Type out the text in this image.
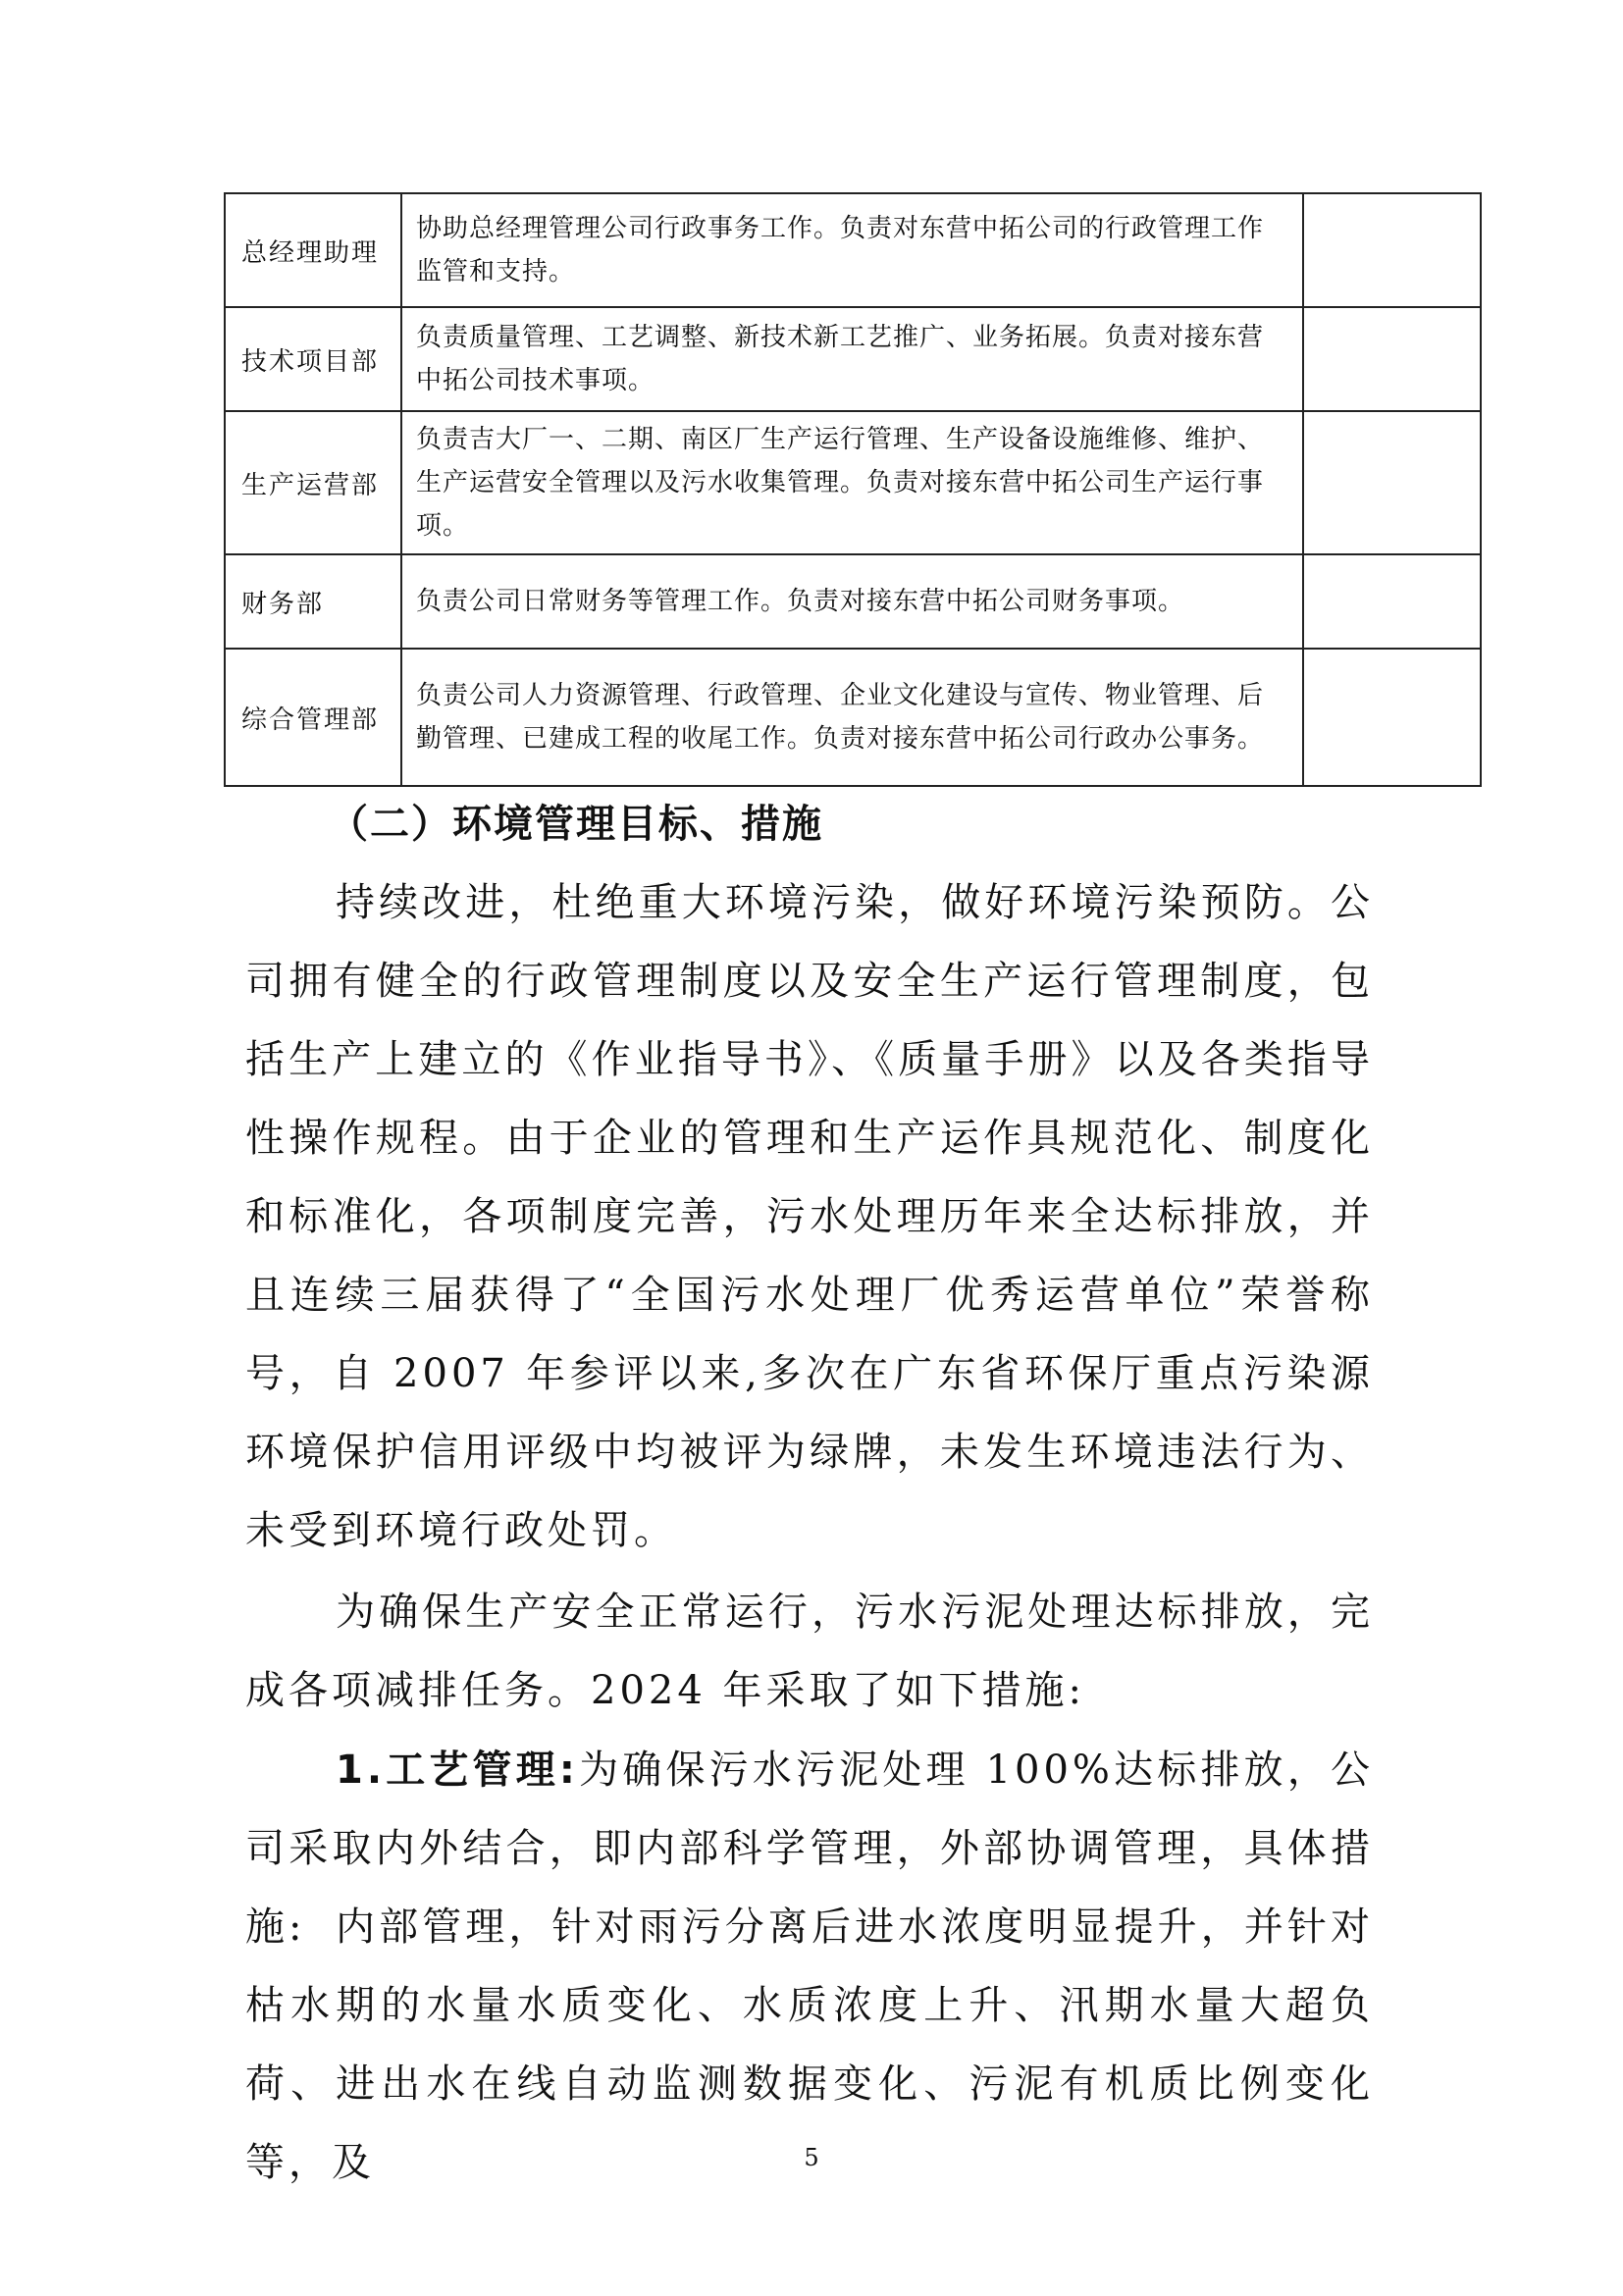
总经理助理	协助总经理管理公司行政事务工作。负责对东营中拓公司的行政管理工作监管和支持。	
技术项目部	负责质量管理、工艺调整、新技术新工艺推广、业务拓展。负责对接东营中拓公司技术事项。	
生产运营部	负责吉大厂一、二期、南区厂生产运行管理、生产设备设施维修、维护、生产运营安全管理以及污水收集管理。负责对接东营中拓公司生产运行事项。	
财务部	负责公司日常财务等管理工作。负责对接东营中拓公司财务事项。	
综合管理部	负责公司人力资源管理、行政管理、企业文化建设与宣传、物业管理、后勤管理、已建成工程的收尾工作。负责对接东营中拓公司行政办公事务。	
（二）环境管理目标、措施

持续改进，杜绝重大环境污染，做好环境污染预防。公司拥有健全的行政管理制度以及安全生产运行管理制度，包括生产上建立的《作业指导书》、《质量手册》以及各类指导性操作规程。由于企业的管理和生产运作具规范化、制度化和标准化，各项制度完善，污水处理历年来全达标排放，并且连续三届获得了“全国污水处理厂优秀运营单位”荣誉称号，自 2007 年参评以来,多次在广东省环保厅重点污染源环境保护信用评级中均被评为绿牌，未发生环境违法行为、未受到环境行政处罚。

为确保生产安全正常运行，污水污泥处理达标排放，完成各项减排任务。2024 年采取了如下措施:

1.工艺管理:为确保污水污泥处理 100%达标排放，公司采取内外结合，即内部科学管理，外部协调管理，具体措施: 内部管理，针对雨污分离后进水浓度明显提升，并针对枯水期的水量水质变化、水质浓度上升、汛期水量大超负荷、进出水在线自动监测数据变化、污泥有机质比例变化等，及	5
